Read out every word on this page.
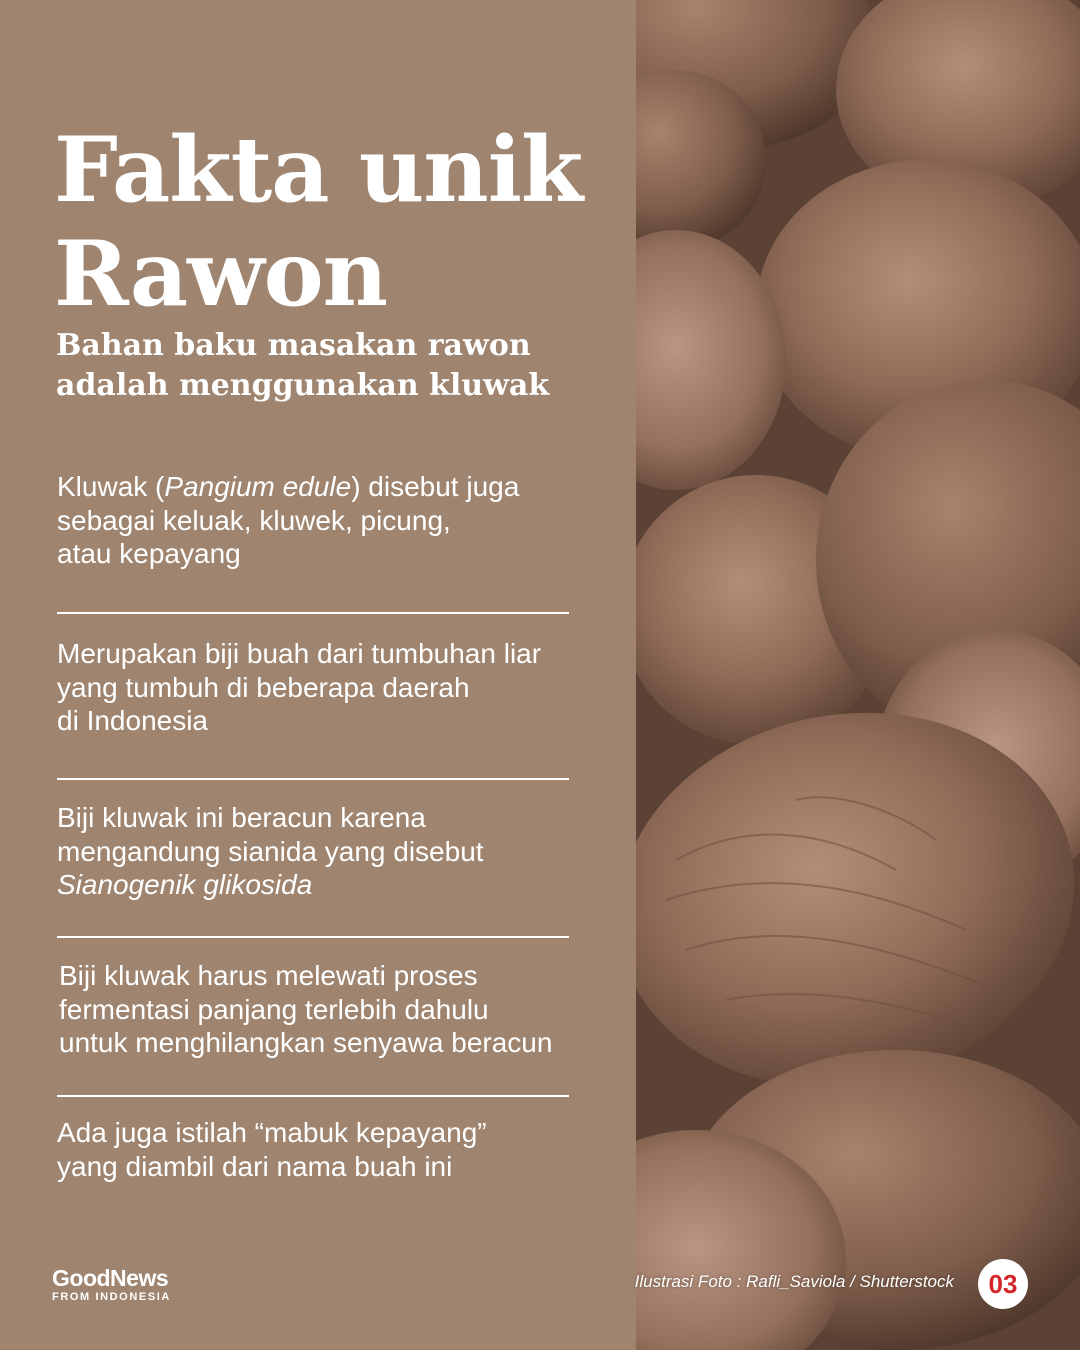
Fakta unik
Rawon

Bahan baku masakan rawon
adalah menggunakan kluwak

Kluwak (Pangium edule) disebut juga
sebagai keluak, kluwek, picung,
atau kepayang

Merupakan biji buah dari tumbuhan liar
yang tumbuh di beberapa daerah
di Indonesia

Biji kluwak ini beracun karena
mengandung sianida yang disebut
Sianogenik glikosida

Biji kluwak harus melewati proses
fermentasi panjang terlebih dahulu
untuk menghilangkan senyawa beracun

Ada juga istilah “mabuk kepayang”
yang diambil dari nama buah ini

GoodNews
FROM INDONESIA
Ilustrasi Foto : Rafli_Saviola / Shutterstock	03
